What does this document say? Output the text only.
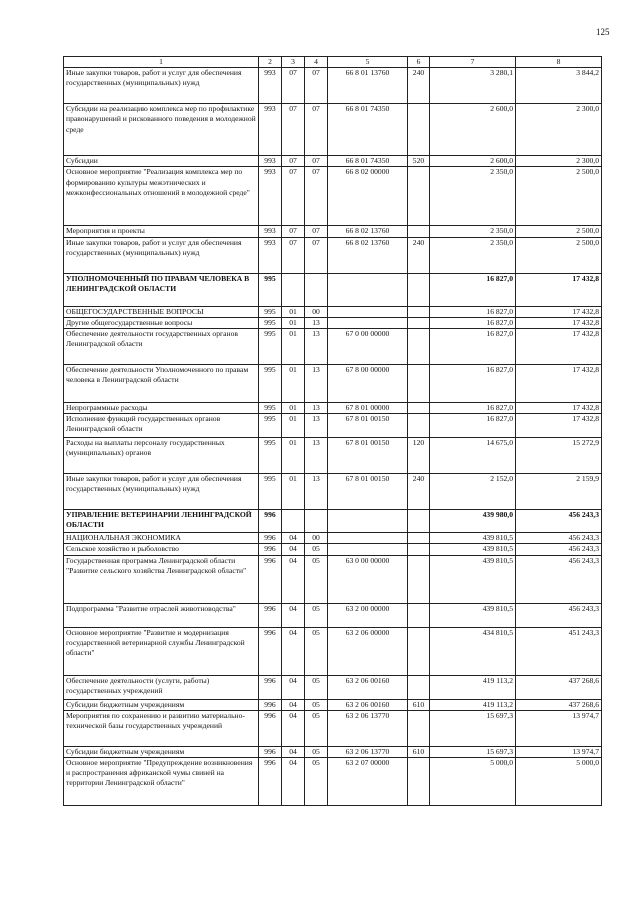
125
1	2	3	4	5	6	7	8
Иные закупки товаров, работ и услуг для обеспечения государственных (муниципальных) нужд	993	07	07	66 8 01 13760	240	3 280,1	3 844,2
Субсидии на реализацию комплекса мер по профилактике правонарушений и рискованного поведения в молодежной среде	993	07	07	66 8 01 74350		2 600,0	2 300,0
Субсидии	993	07	07	66 8 01 74350	520	2 600,0	2 300,0
Основное мероприятие "Реализация комплекса мер по формированию культуры межэтнических и межконфессиональных отношений в молодежной среде"	993	07	07	66 8 02 00000		2 350,0	2 500,0
Мероприятия и проекты	993	07	07	66 8 02 13760		2 350,0	2 500,0
Иные закупки товаров, работ и услуг для обеспечения государственных (муниципальных) нужд	993	07	07	66 8 02 13760	240	2 350,0	2 500,0
УПОЛНОМОЧЕННЫЙ ПО ПРАВАМ ЧЕЛОВЕКА В ЛЕНИНГРАДСКОЙ ОБЛАСТИ	995					16 827,0	17 432,8
ОБЩЕГОСУДАРСТВЕННЫЕ ВОПРОСЫ	995	01	00			16 827,0	17 432,8
Другие общегосударственные вопросы	995	01	13			16 827,0	17 432,8
Обеспечение деятельности государственных органов Ленинградской области	995	01	13	67 0 00 00000		16 827,0	17 432,8
Обеспечение деятельности Уполномоченного по правам человека в Ленинградской области	995	01	13	67 8 00 00000		16 827,0	17 432,8
Непрограммные расходы	995	01	13	67 8 01 00000		16 827,0	17 432,8
Исполнение функций государственных органов Ленинградской области	995	01	13	67 8 01 00150		16 827,0	17 432,8
Расходы на выплаты персоналу государственных (муниципальных) органов	995	01	13	67 8 01 00150	120	14 675,0	15 272,9
Иные закупки товаров, работ и услуг для обеспечения государственных (муниципальных) нужд	995	01	13	67 8 01 00150	240	2 152,0	2 159,9
УПРАВЛЕНИЕ ВЕТЕРИНАРИИ ЛЕНИНГРАДСКОЙ ОБЛАСТИ	996					439 980,0	456 243,3
НАЦИОНАЛЬНАЯ ЭКОНОМИКА	996	04	00			439 810,5	456 243,3
Сельское хозяйство и рыболовство	996	04	05			439 810,5	456 243,3
Государственная программа Ленинградской области "Развитие сельского хозяйства Ленинградской области"	996	04	05	63 0 00 00000		439 810,5	456 243,3
Подпрограмма "Развитие отраслей животноводства"	996	04	05	63 2 00 00000		439 810,5	456 243,3
Основное мероприятие "Развитие и модернизация государственной ветеринарной службы Ленинградской области"	996	04	05	63 2 06 00000		434 810,5	451 243,3
Обеспечение деятельности (услуги, работы) государственных учреждений	996	04	05	63 2 06 00160		419 113,2	437 268,6
Субсидии бюджетным учреждениям	996	04	05	63 2 06 00160	610	419 113,2	437 268,6
Мероприятия по сохранению и развитию материально-технической базы государственных учреждений	996	04	05	63 2 06 13770		15 697,3	13 974,7
Субсидии бюджетным учреждениям	996	04	05	63 2 06 13770	610	15 697,3	13 974,7
Основное мероприятие "Предупреждение возникновения и распространения африканской чумы свиней на территории Ленинградской области"	996	04	05	63 2 07 00000		5 000,0	5 000,0
